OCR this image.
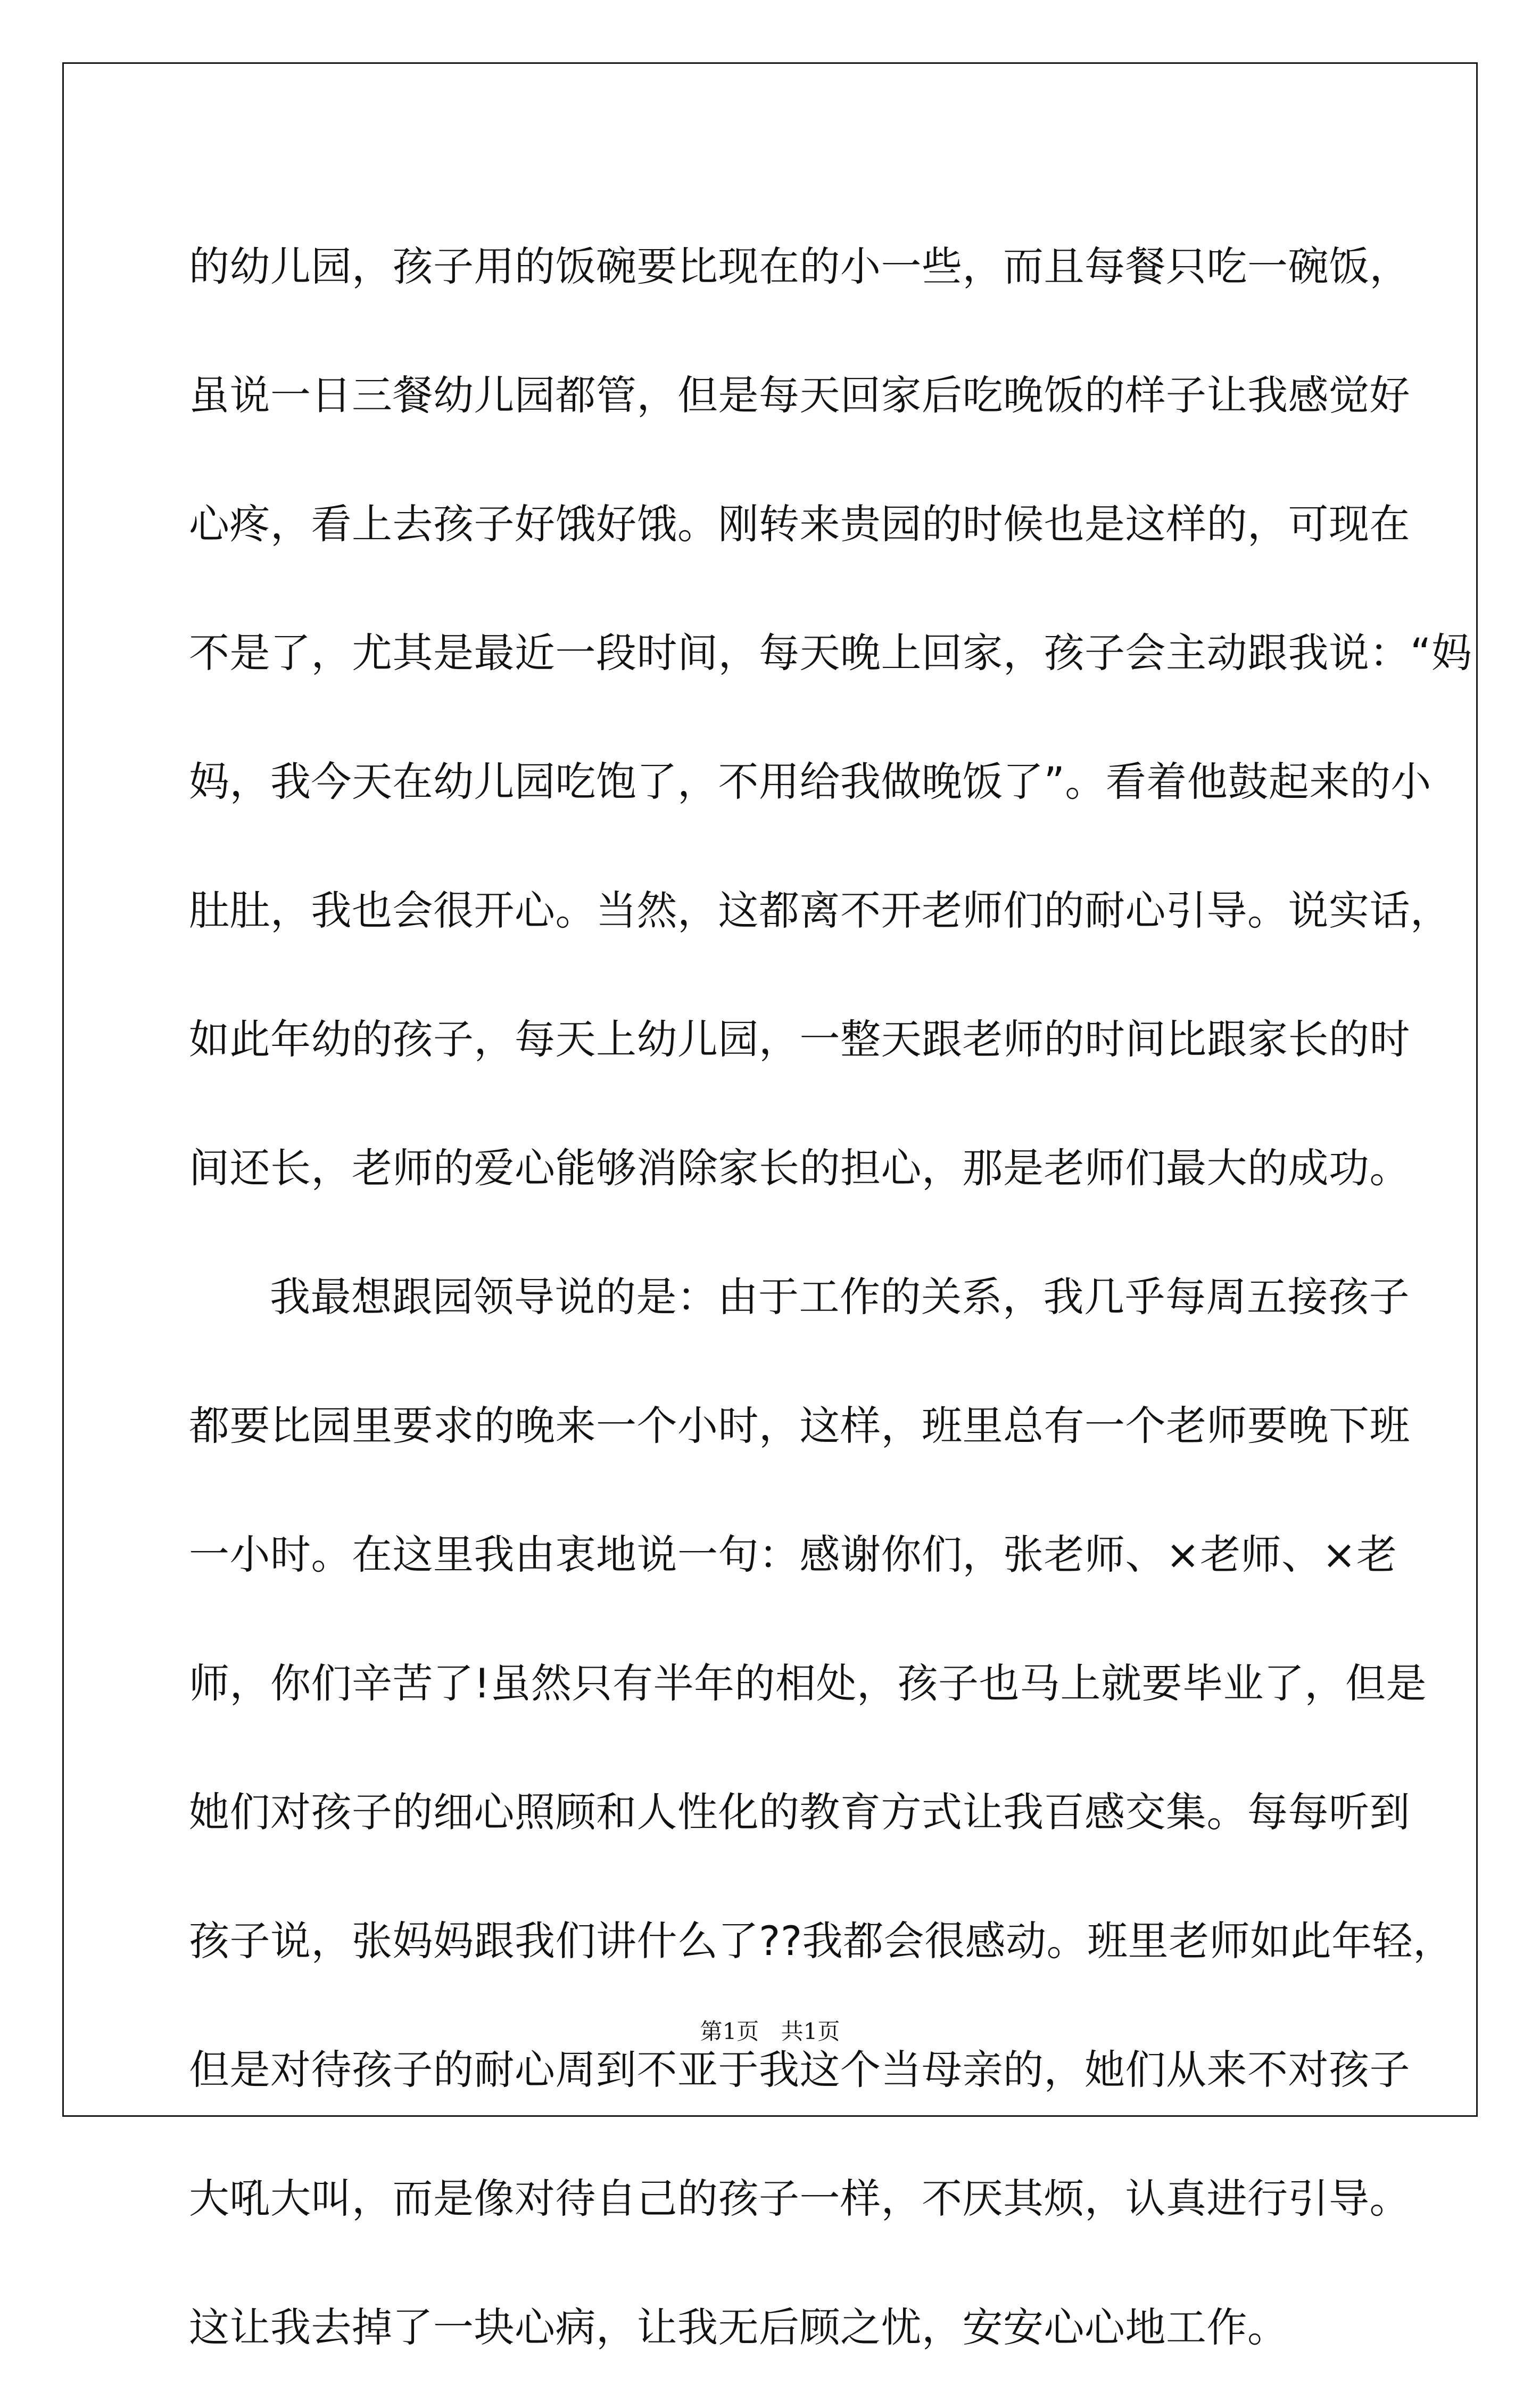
的幼儿园，孩子用的饭碗要比现在的小一些，而且每餐只吃一碗饭，
虽说一日三餐幼儿园都管，但是每天回家后吃晚饭的样子让我感觉好
心疼，看上去孩子好饿好饿。刚转来贵园的时候也是这样的，可现在
不是了，尤其是最近一段时间，每天晚上回家，孩子会主动跟我说：“妈
妈，我今天在幼儿园吃饱了，不用给我做晚饭了”。看着他鼓起来的小
肚肚，我也会很开心。当然，这都离不开老师们的耐心引导。说实话，
如此年幼的孩子，每天上幼儿园，一整天跟老师的时间比跟家长的时
间还长，老师的爱心能够消除家长的担心，那是老师们最大的成功。
我最想跟园领导说的是：由于工作的关系，我几乎每周五接孩子
都要比园里要求的晚来一个小时，这样，班里总有一个老师要晚下班
一小时。在这里我由衷地说一句：感谢你们，张老师、×老师、×老
师，你们辛苦了!虽然只有半年的相处，孩子也马上就要毕业了，但是
她们对孩子的细心照顾和人性化的教育方式让我百感交集。每每听到
孩子说，张妈妈跟我们讲什么了??我都会很感动。班里老师如此年轻，
但是对待孩子的耐心周到不亚于我这个当母亲的，她们从来不对孩子
大吼大叫，而是像对待自己的孩子一样，不厌其烦，认真进行引导。
这让我去掉了一块心病，让我无后顾之忧，安安心心地工作。
第1页 共1页
